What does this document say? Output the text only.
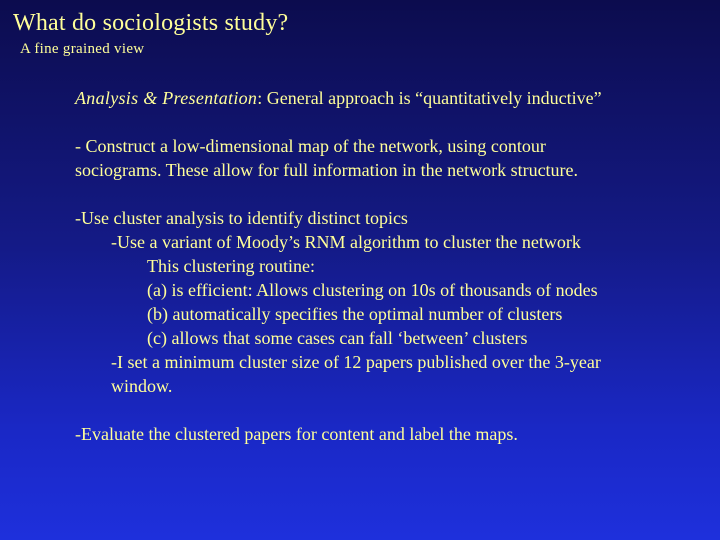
What do sociologists study?
A fine grained view
Analysis & Presentation: General approach is “quantitatively inductive”
- Construct a low-dimensional map of the network, using contour
sociograms. These allow for full information in the network structure.
-Use cluster analysis to identify distinct topics
-Use a variant of Moody’s RNM algorithm to cluster the network
This clustering routine:
(a) is efficient: Allows clustering on 10s of thousands of nodes
(b) automatically specifies the optimal number of clusters
(c) allows that some cases can fall ‘between’ clusters
-I set a minimum cluster size of 12 papers published over the 3-year
window.
-Evaluate the clustered papers for content and label the maps.
